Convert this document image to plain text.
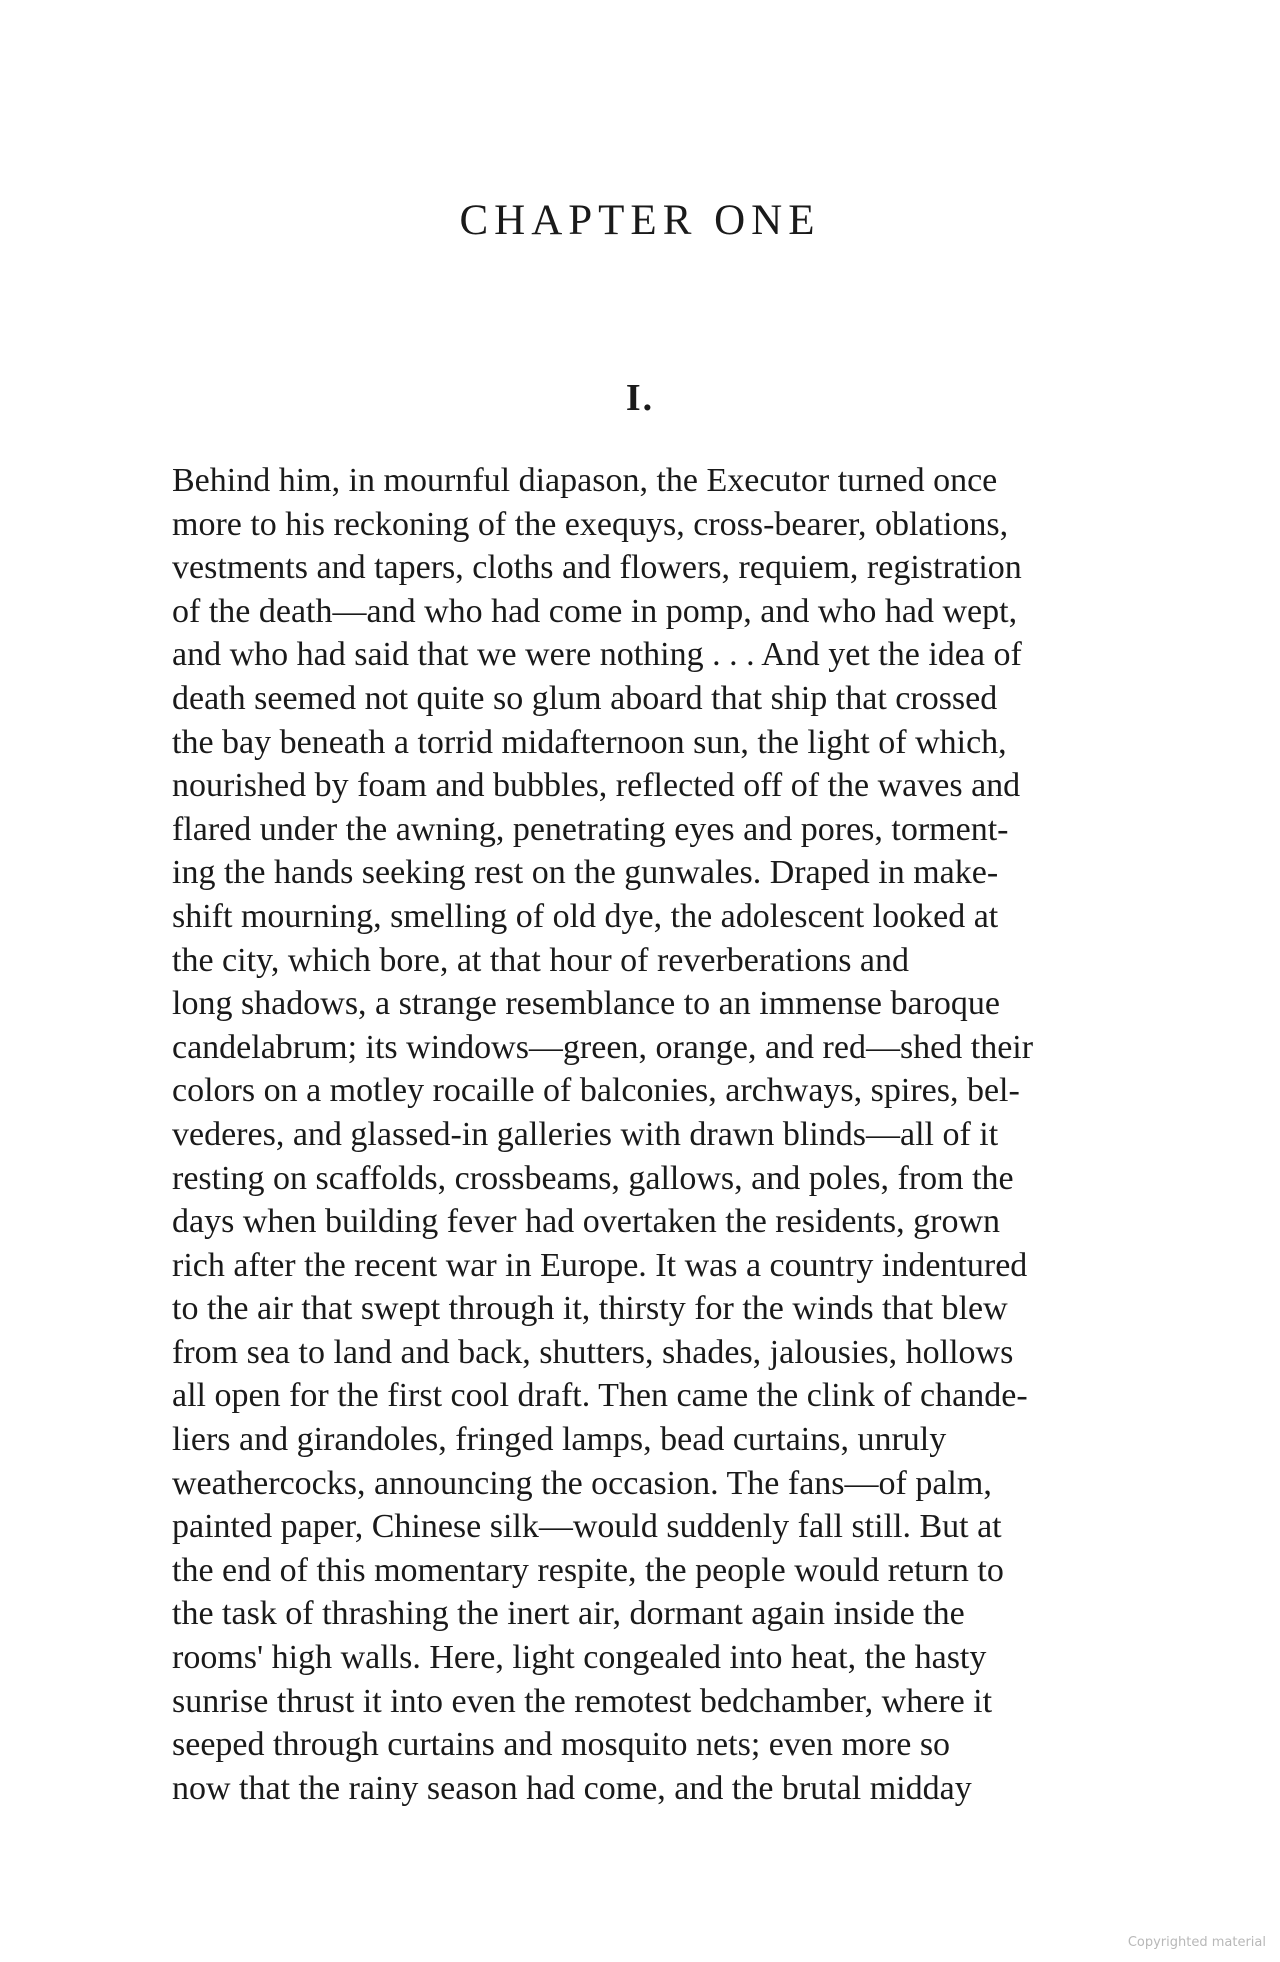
CHAPTER ONE
I.
Behind him, in mournful diapason, the Executor turned once
more to his reckoning of the exequys, cross-bearer, oblations,
vestments and tapers, cloths and flowers, requiem, registration
of the death—and who had come in pomp, and who had wept,
and who had said that we were nothing . . . And yet the idea of
death seemed not quite so glum aboard that ship that crossed
the bay beneath a torrid midafternoon sun, the light of which,
nourished by foam and bubbles, reflected off of the waves and
flared under the awning, penetrating eyes and pores, torment-
ing the hands seeking rest on the gunwales. Draped in make-
shift mourning, smelling of old dye, the adolescent looked at
the city, which bore, at that hour of reverberations and
long shadows, a strange resemblance to an immense baroque
candelabrum; its windows—green, orange, and red—shed their
colors on a motley rocaille of balconies, archways, spires, bel-
vederes, and glassed-in galleries with drawn blinds—all of it
resting on scaffolds, crossbeams, gallows, and poles, from the
days when building fever had overtaken the residents, grown
rich after the recent war in Europe. It was a country indentured
to the air that swept through it, thirsty for the winds that blew
from sea to land and back, shutters, shades, jalousies, hollows
all open for the first cool draft. Then came the clink of chande-
liers and girandoles, fringed lamps, bead curtains, unruly
weathercocks, announcing the occasion. The fans—of palm,
painted paper, Chinese silk—would suddenly fall still. But at
the end of this momentary respite, the people would return to
the task of thrashing the inert air, dormant again inside the
rooms' high walls. Here, light congealed into heat, the hasty
sunrise thrust it into even the remotest bedchamber, where it
seeped through curtains and mosquito nets; even more so
now that the rainy season had come, and the brutal midday

Copyrighted material
